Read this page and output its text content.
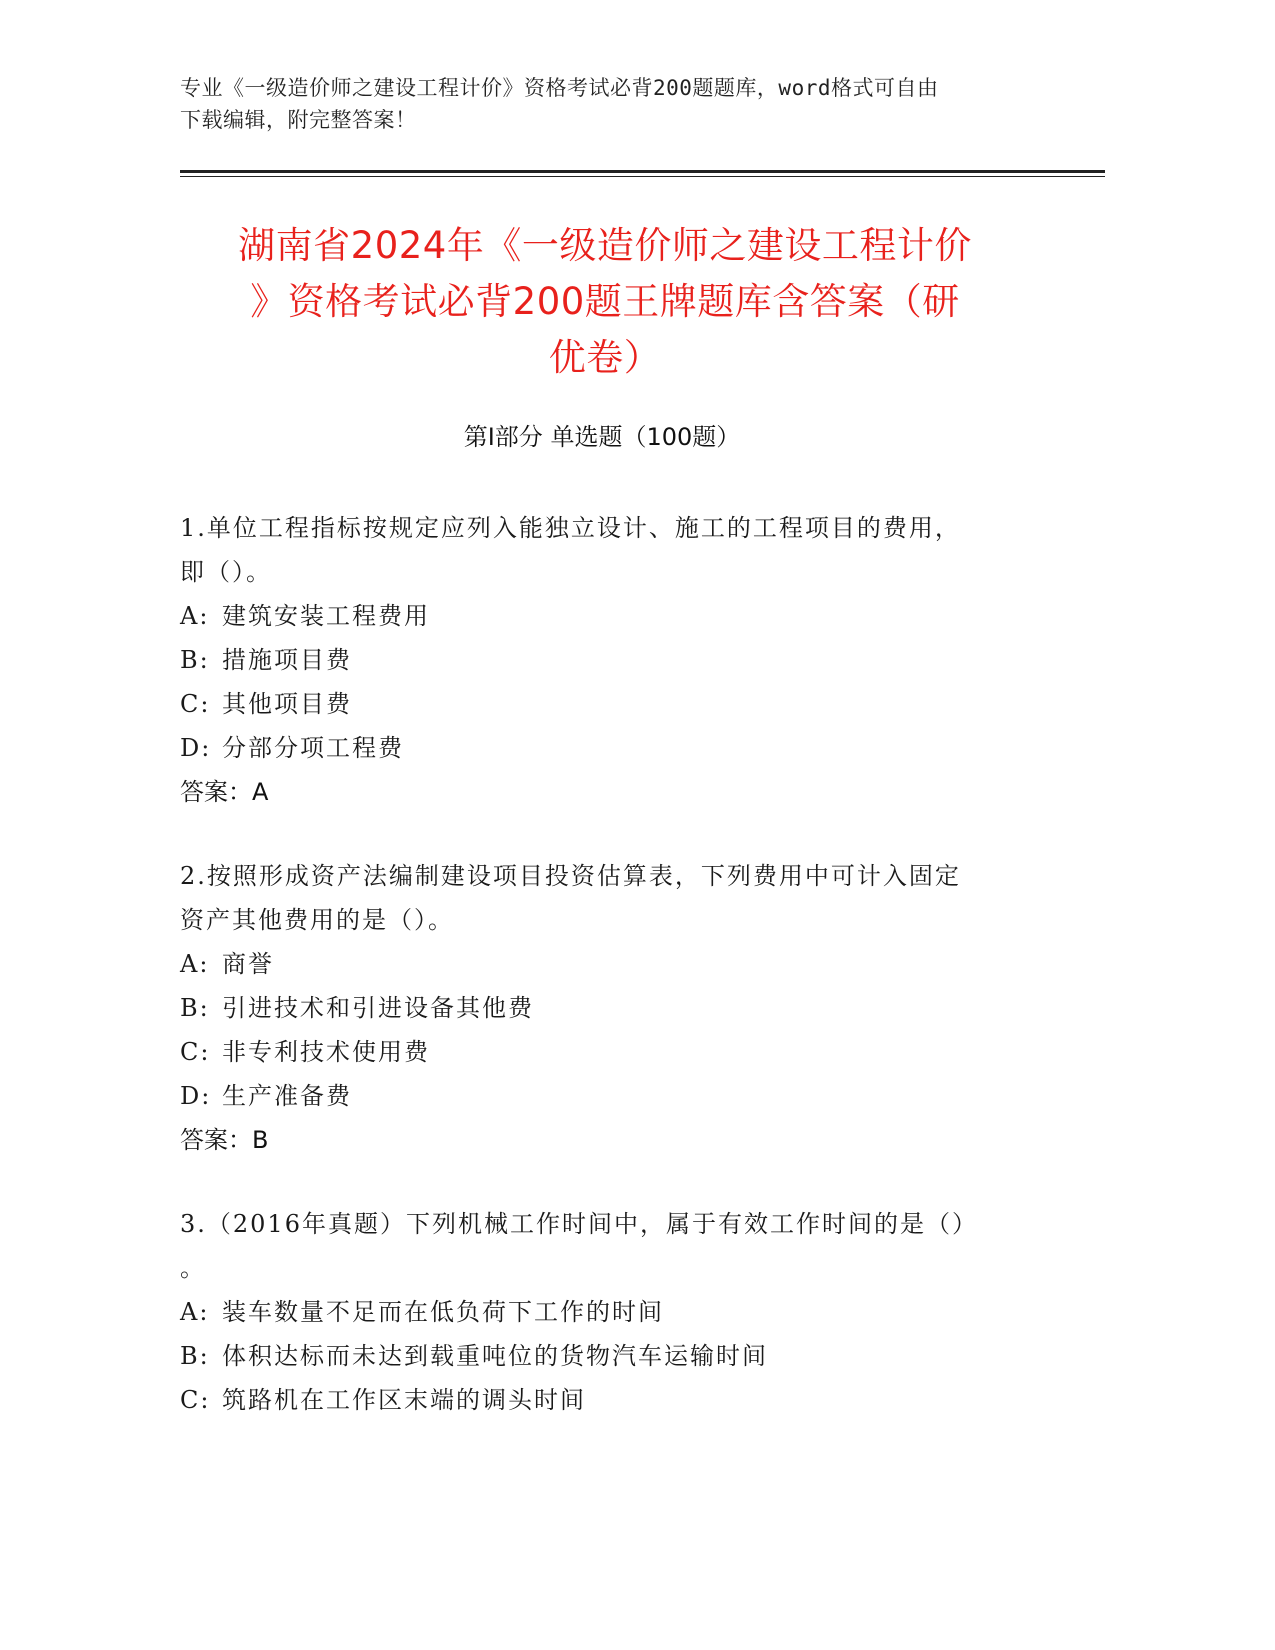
专业《一级造价师之建设工程计价》资格考试必背200题题库，word格式可自由
下载编辑，附完整答案！
湖南省2024年《一级造价师之建设工程计价
》资格考试必背200题王牌题库含答案（研
优卷）
第Ⅰ部分 单选题（100题）
1.单位工程指标按规定应列入能独立设计、施工的工程项目的费用，
即（）。
A: 建筑安装工程费用
B: 措施项目费
C: 其他项目费
D: 分部分项工程费
答案：A
2.按照形成资产法编制建设项目投资估算表，下列费用中可计入固定
资产其他费用的是（）。
A: 商誉
B: 引进技术和引进设备其他费
C: 非专利技术使用费
D: 生产准备费
答案：B
3.（2016年真题）下列机械工作时间中，属于有效工作时间的是（）
。
A: 装车数量不足而在低负荷下工作的时间
B: 体积达标而未达到载重吨位的货物汽车运输时间
C: 筑路机在工作区末端的调头时间
